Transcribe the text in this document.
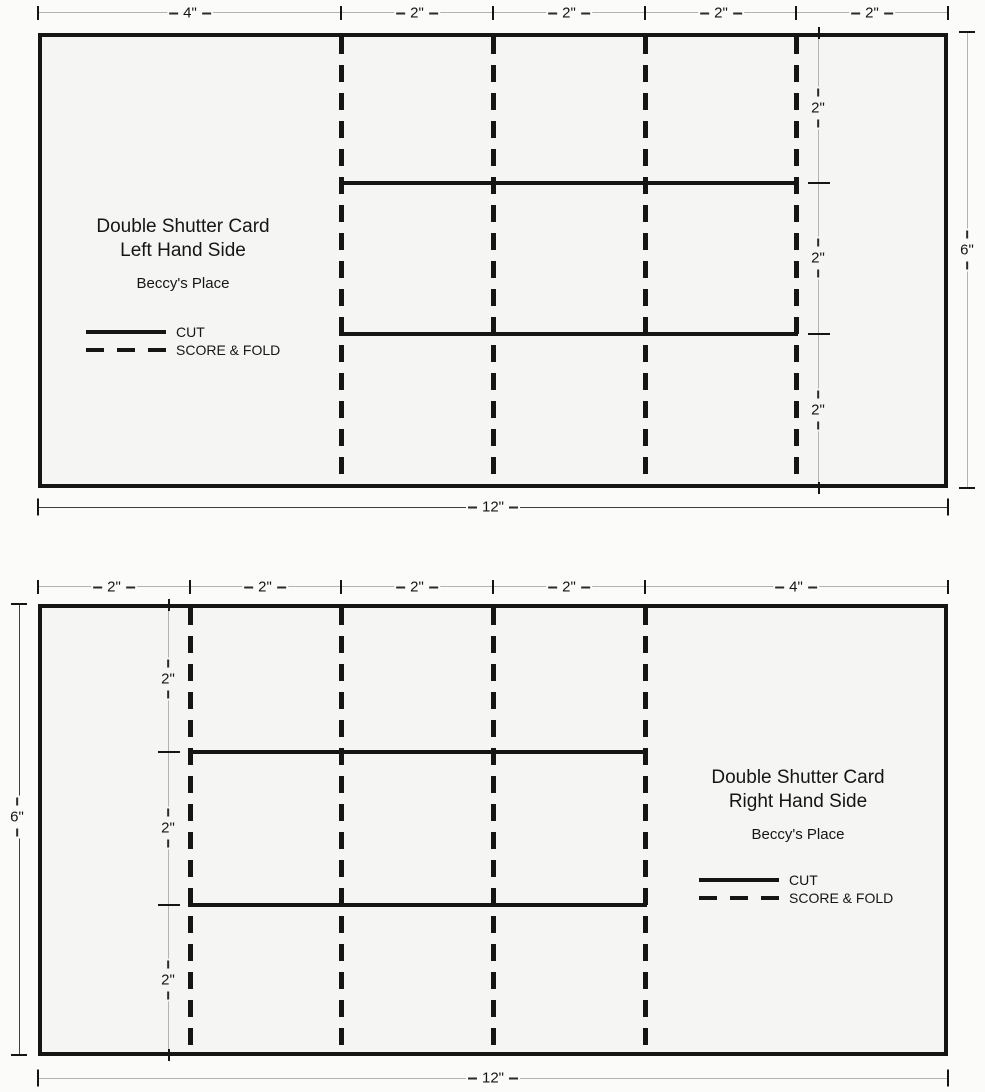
4"	2"	2"	2"	2"
2"
2"
2"
6"
12"
Double Shutter Card
Left Hand Side
Beccy's Place
CUT
SCORE & FOLD
2"	2"	2"	2"	4"
2"
2"
2"
6"
12"
Double Shutter Card
Right Hand Side
Beccy's Place
CUT
SCORE & FOLD
